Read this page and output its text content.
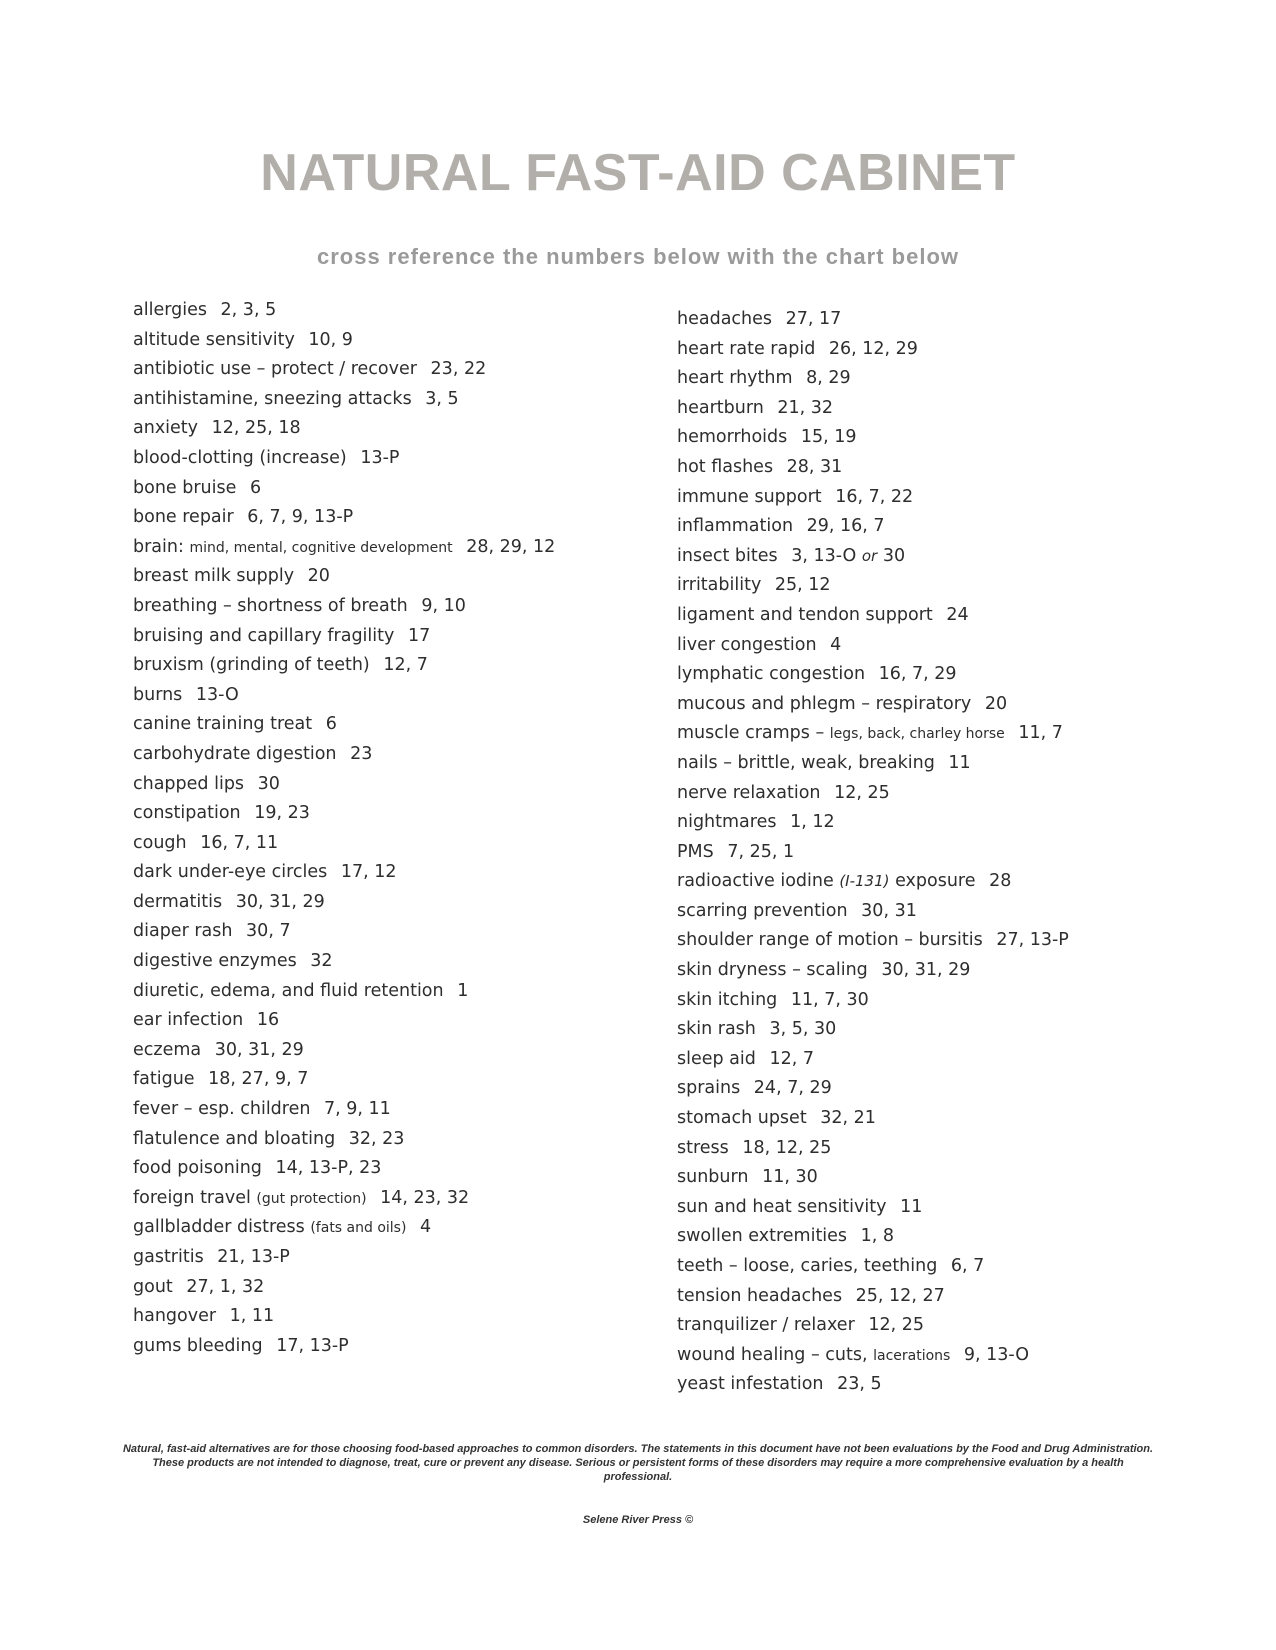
NATURAL FAST-AID CABINET
cross reference the numbers below with the chart below
allergies 2, 3, 5
altitude sensitivity 10, 9
antibiotic use – protect / recover 23, 22
antihistamine, sneezing attacks 3, 5
anxiety 12, 25, 18
blood-clotting (increase) 13-P
bone bruise 6
bone repair 6, 7, 9, 13-P
brain: mind, mental, cognitive development 28, 29, 12
breast milk supply 20
breathing – shortness of breath 9, 10
bruising and capillary fragility 17
bruxism (grinding of teeth) 12, 7
burns 13-O
canine training treat 6
carbohydrate digestion 23
chapped lips 30
constipation 19, 23
cough 16, 7, 11
dark under-eye circles 17, 12
dermatitis 30, 31, 29
diaper rash 30, 7
digestive enzymes 32
diuretic, edema, and fluid retention 1
ear infection 16
eczema 30, 31, 29
fatigue 18, 27, 9, 7
fever – esp. children 7, 9, 11
flatulence and bloating 32, 23
food poisoning 14, 13-P, 23
foreign travel (gut protection) 14, 23, 32
gallbladder distress (fats and oils) 4
gastritis 21, 13-P
gout 27, 1, 32
hangover 1, 11
gums bleeding 17, 13-P
headaches 27, 17
heart rate rapid 26, 12, 29
heart rhythm 8, 29
heartburn 21, 32
hemorrhoids 15, 19
hot flashes 28, 31
immune support 16, 7, 22
inflammation 29, 16, 7
insect bites 3, 13-O or 30
irritability 25, 12
ligament and tendon support 24
liver congestion 4
lymphatic congestion 16, 7, 29
mucous and phlegm – respiratory 20
muscle cramps – legs, back, charley horse 11, 7
nails – brittle, weak, breaking 11
nerve relaxation 12, 25
nightmares 1, 12
PMS 7, 25, 1
radioactive iodine (I-131) exposure 28
scarring prevention 30, 31
shoulder range of motion – bursitis 27, 13-P
skin dryness – scaling 30, 31, 29
skin itching 11, 7, 30
skin rash 3, 5, 30
sleep aid 12, 7
sprains 24, 7, 29
stomach upset 32, 21
stress 18, 12, 25
sunburn 11, 30
sun and heat sensitivity 11
swollen extremities 1, 8
teeth – loose, caries, teething 6, 7
tension headaches 25, 12, 27
tranquilizer / relaxer 12, 25
wound healing – cuts, lacerations 9, 13-O
yeast infestation 23, 5

Natural, fast-aid alternatives are for those choosing food-based approaches to common disorders. The statements in this document have not been evaluations by the Food and Drug Administration. These products are not intended to diagnose, treat, cure or prevent any disease. Serious or persistent forms of these disorders may require a more comprehensive evaluation by a health professional.

Selene River Press ©
